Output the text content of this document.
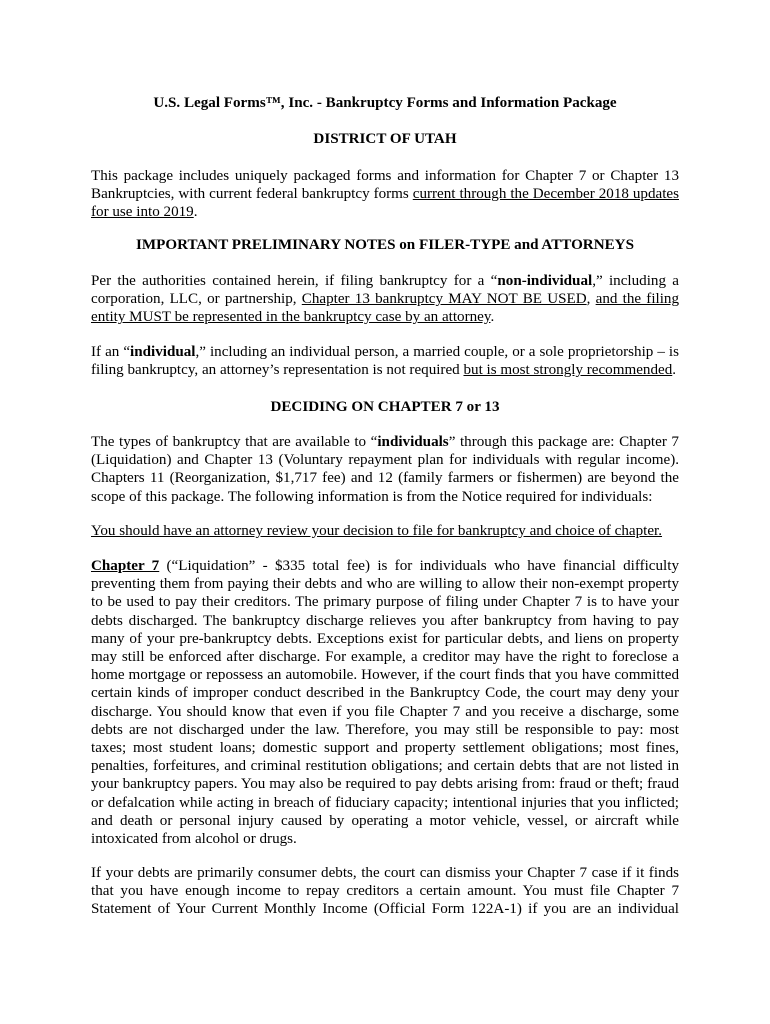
U.S. Legal Forms™, Inc. - Bankruptcy Forms and Information Package

DISTRICT OF UTAH

This package includes uniquely packaged forms and information for Chapter 7 or Chapter 13
Bankruptcies, with current federal bankruptcy forms current through the December 2018 updates
for use into 2019.

IMPORTANT PRELIMINARY NOTES on FILER-TYPE and ATTORNEYS

Per the authorities contained herein, if filing bankruptcy for a “non-individual,” including a
corporation, LLC, or partnership, Chapter 13 bankruptcy MAY NOT BE USED, and the filing
entity MUST be represented in the bankruptcy case by an attorney.
If an “individual,” including an individual person, a married couple, or a sole proprietorship – is
filing bankruptcy, an attorney’s representation is not required but is most strongly recommended.

DECIDING ON CHAPTER 7 or 13

The types of bankruptcy that are available to “individuals” through this package are: Chapter 7
(Liquidation) and Chapter 13 (Voluntary repayment plan for individuals with regular income).
Chapters 11 (Reorganization, $1,717 fee) and 12 (family farmers or fishermen) are beyond the
scope of this package. The following information is from the Notice required for individuals:

You should have an attorney review your decision to file for bankruptcy and choice of chapter.

Chapter 7 (“Liquidation” - $335 total fee) is for individuals who have financial difficulty
preventing them from paying their debts and who are willing to allow their non-exempt property
to be used to pay their creditors. The primary purpose of filing under Chapter 7 is to have your
debts discharged. The bankruptcy discharge relieves you after bankruptcy from having to pay
many of your pre-bankruptcy debts. Exceptions exist for particular debts, and liens on property
may still be enforced after discharge. For example, a creditor may have the right to foreclose a
home mortgage or repossess an automobile. However, if the court finds that you have committed
certain kinds of improper conduct described in the Bankruptcy Code, the court may deny your
discharge. You should know that even if you file Chapter 7 and you receive a discharge, some
debts are not discharged under the law. Therefore, you may still be responsible to pay: most
taxes; most student loans; domestic support and property settlement obligations; most fines,
penalties, forfeitures, and criminal restitution obligations; and certain debts that are not listed in
your bankruptcy papers. You may also be required to pay debts arising from: fraud or theft; fraud
or defalcation while acting in breach of fiduciary capacity; intentional injuries that you inflicted;
and death or personal injury caused by operating a motor vehicle, vessel, or aircraft while
intoxicated from alcohol or drugs.
If your debts are primarily consumer debts, the court can dismiss your Chapter 7 case if it finds
that you have enough income to repay creditors a certain amount. You must file Chapter 7
Statement of Your Current Monthly Income (Official Form 122A-1) if you are an individual
